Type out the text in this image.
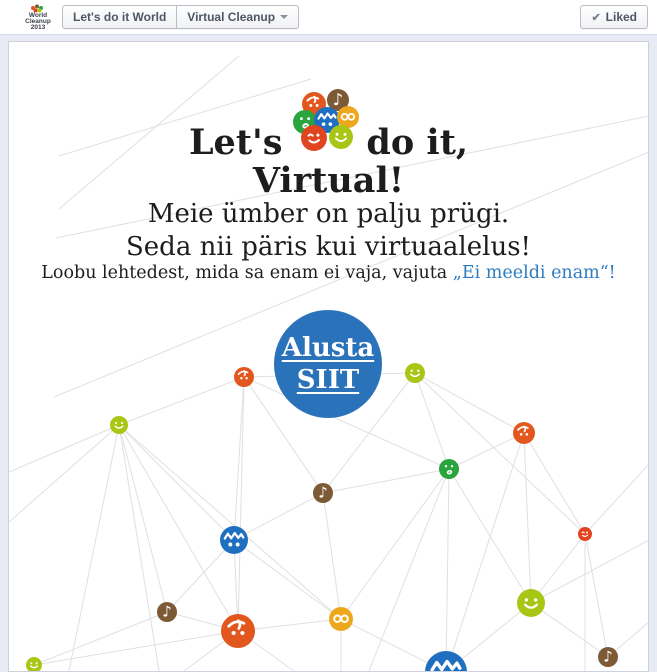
World
Cleanup
2013
Let's do it World Virtual Cleanup	✔ Liked
♪
♪
♪
♪
Let's do it,
Virtual!
Meie ümber on palju prügi.
Seda nii päris kui virtuaalelus!
Loobu lehtedest, mida sa enam ei vaja, vajuta „Ei meeldi enam“!
Alusta
SIIT
